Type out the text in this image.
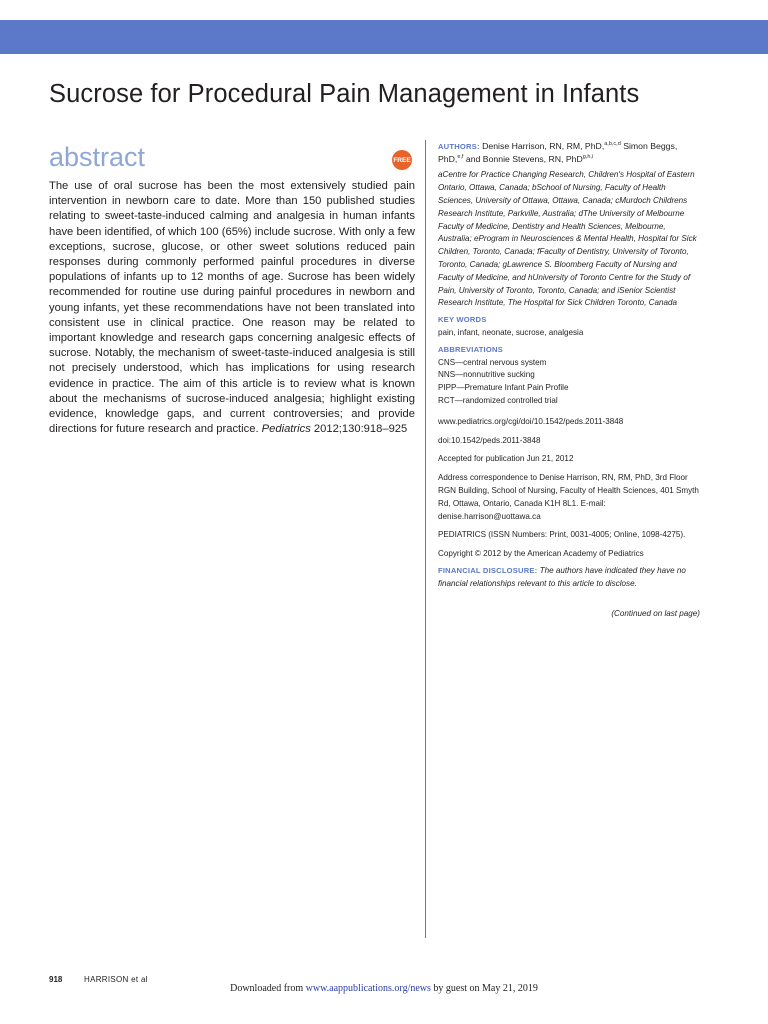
Sucrose for Procedural Pain Management in Infants
abstract	FREE

The use of oral sucrose has been the most extensively studied pain intervention in newborn care to date. More than 150 published studies relating to sweet-taste-induced calming and analgesia in human infants have been identified, of which 100 (65%) include sucrose. With only a few exceptions, sucrose, glucose, or other sweet solutions reduced pain responses during commonly performed painful procedures in diverse populations of infants up to 12 months of age. Sucrose has been widely recommended for routine use during painful procedures in newborn and young infants, yet these recommendations have not been translated into consistent use in clinical practice. One reason may be related to important knowledge and research gaps concerning analgesic effects of sucrose. Notably, the mechanism of sweet-taste-induced analgesia is still not precisely understood, which has implications for using research evidence in practice. The aim of this article is to review what is known about the mechanisms of sucrose-induced analgesia; highlight existing evidence, knowledge gaps, and current controversies; and provide directions for future research and practice. Pediatrics 2012;130:918–925

AUTHORS: Denise Harrison, RN, RM, PhD,$^{a,b,c,d}$ Simon Beggs, PhD,$^{e,f}$ and Bonnie Stevens, RN, PhD$^{g,h,i}$

aCentre for Practice Changing Research, Children's Hospital of Eastern Ontario, Ottawa, Canada; bSchool of Nursing, Faculty of Health Sciences, University of Ottawa, Ottawa, Canada; cMurdoch Childrens Research Institute, Parkville, Australia; dThe University of Melbourne Faculty of Medicine, Dentistry and Health Sciences, Melbourne, Australia; eProgram in Neurosciences & Mental Health, Hospital for Sick Children, Toronto, Canada; fFaculty of Dentistry, University of Toronto, Toronto, Canada; gLawrence S. Bloomberg Faculty of Nursing and Faculty of Medicine, and hUniversity of Toronto Centre for the Study of Pain, University of Toronto, Toronto, Canada; and iSenior Scientist Research Institute, The Hospital for Sick Children Toronto, Canada

KEY WORDS

pain, infant, neonate, sucrose, analgesia

ABBREVIATIONS

CNS—central nervous system

NNS—nonnutritive sucking

PIPP—Premature Infant Pain Profile

RCT—randomized controlled trial

www.pediatrics.org/cgi/doi/10.1542/peds.2011-3848

doi:10.1542/peds.2011-3848

Accepted for publication Jun 21, 2012

Address correspondence to Denise Harrison, RN, RM, PhD, 3rd Floor RGN Building, School of Nursing, Faculty of Health Sciences, 401 Smyth Rd, Ottawa, Ontario, Canada K1H 8L1. E-mail: denise.harrison@uottawa.ca

PEDIATRICS (ISSN Numbers: Print, 0031-4005; Online, 1098-4275).

Copyright © 2012 by the American Academy of Pediatrics

FINANCIAL DISCLOSURE: The authors have indicated they have no financial relationships relevant to this article to disclose.

(Continued on last page)

918	HARRISON et al
Downloaded from www.aappublications.org/news by guest on May 21, 2019
